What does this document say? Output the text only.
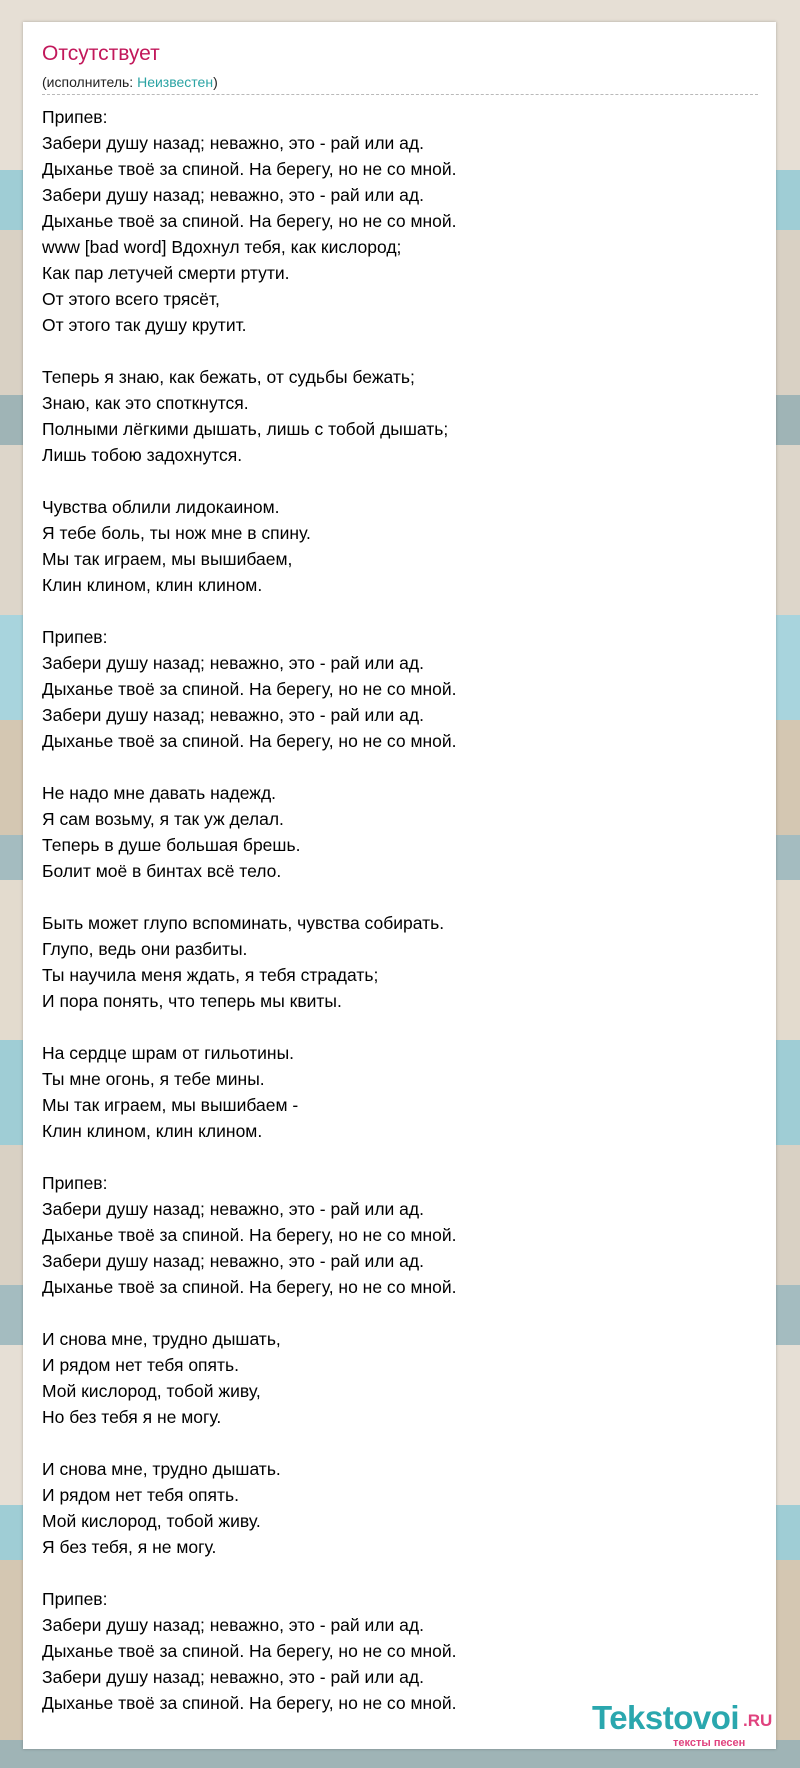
Отсутствует
(исполнитель: Неизвестен)
Припев:
Забери душу назад; неважно, это - рай или ад.
Дыханье твоё за спиной. На берегу, но не со мной.
Забери душу назад; неважно, это - рай или ад.
Дыханье твоё за спиной. На берегу, но не со мной.
www [bad word] Вдохнул тебя, как кислород;
Как пар летучей смерти ртути.
От этого всего трясёт,
От этого так душу крутит.
Теперь я знаю, как бежать, от судьбы бежать;
Знаю, как это споткнутся.
Полными лёгкими дышать, лишь с тобой дышать;
Лишь тобою задохнутся.
Чувства облили лидокаином.
Я тебе боль, ты нож мне в спину.
Мы так играем, мы вышибаем,
Клин клином, клин клином.
Припев:
Забери душу назад; неважно, это - рай или ад.
Дыханье твоё за спиной. На берегу, но не со мной.
Забери душу назад; неважно, это - рай или ад.
Дыханье твоё за спиной. На берегу, но не со мной.
Не надо мне давать надежд.
Я сам возьму, я так уж делал.
Теперь в душе большая брешь.
Болит моё в бинтах всё тело.
Быть может глупо вспоминать, чувства собирать.
Глупо, ведь они разбиты.
Ты научила меня ждать, я тебя страдать;
И пора понять, что теперь мы квиты.
На сердце шрам от гильотины.
Ты мне огонь, я тебе мины.
Мы так играем, мы вышибаем -
Клин клином, клин клином.
Припев:
Забери душу назад; неважно, это - рай или ад.
Дыханье твоё за спиной. На берегу, но не со мной.
Забери душу назад; неважно, это - рай или ад.
Дыханье твоё за спиной. На берегу, но не со мной.
И снова мне, трудно дышать,
И рядом нет тебя опять.
Мой кислород, тобой живу,
Но без тебя я не могу.
И снова мне, трудно дышать.
И рядом нет тебя опять.
Мой кислород, тобой живу.
Я без тебя, я не могу.
Припев:
Забери душу назад; неважно, это - рай или ад.
Дыханье твоё за спиной. На берегу, но не со мной.
Забери душу назад; неважно, это - рай или ад.
Дыханье твоё за спиной. На берегу, но не со мной.	Tekstovoi .RU
тексты песен
